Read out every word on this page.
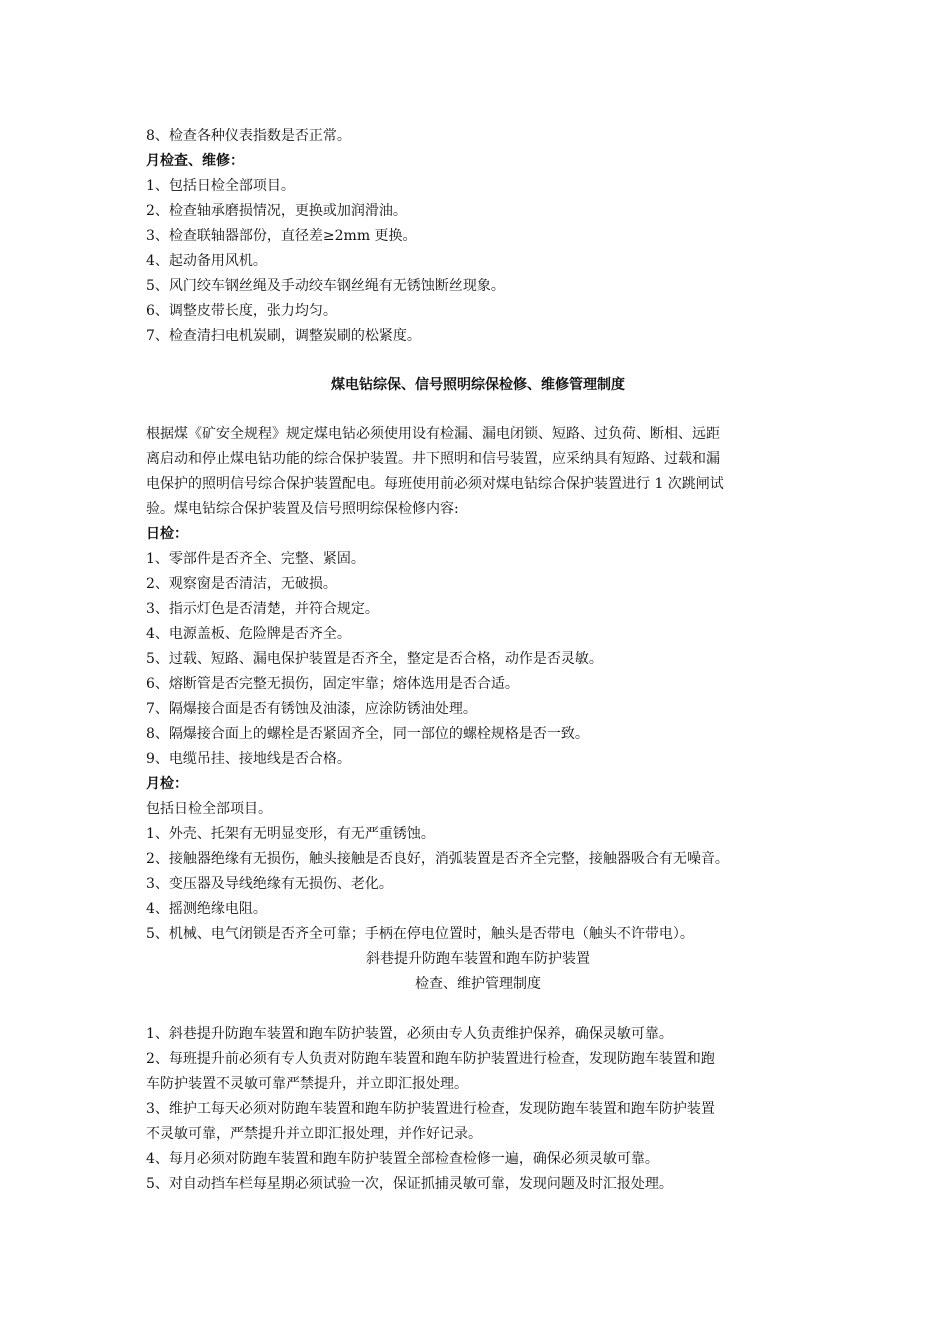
8、检查各种仪表指数是否正常。
月检查、维修：
1、包括日检全部项目。
2、检查轴承磨损情况，更换或加润滑油。
3、检查联轴器部份，直径差≥2mm 更换。
4、起动备用风机。
5、风门绞车钢丝绳及手动绞车钢丝绳有无锈蚀断丝现象。
6、调整皮带长度，张力均匀。
7、检查清扫电机炭刷，调整炭刷的松紧度。
煤电钻综保、信号照明综保检修、维修管理制度
根据煤《矿安全规程》规定煤电钻必须使用设有检漏、漏电闭锁、短路、过负荷、断相、远距
离启动和停止煤电钻功能的综合保护装置。井下照明和信号装置，应采纳具有短路、过载和漏
电保护的照明信号综合保护装置配电。每班使用前必须对煤电钻综合保护装置进行 1 次跳闸试
验。煤电钻综合保护装置及信号照明综保检修内容:
日检：
1、零部件是否齐全、完整、紧固。
2、观察窗是否清洁，无破损。
3、指示灯色是否清楚，并符合规定。
4、电源盖板、危险牌是否齐全。
5、过载、短路、漏电保护装置是否齐全，整定是否合格，动作是否灵敏。
6、熔断管是否完整无损伤，固定牢靠；熔体选用是否合适。
7、隔爆接合面是否有锈蚀及油漆，应涂防锈油处理。
8、隔爆接合面上的螺栓是否紧固齐全，同一部位的螺栓规格是否一致。
9、电缆吊挂、接地线是否合格。
月检：
包括日检全部项目。
1、外壳、托架有无明显变形，有无严重锈蚀。
2、接触器绝缘有无损伤，触头接触是否良好，消弧装置是否齐全完整，接触器吸合有无噪音。
3、变压器及导线绝缘有无损伤、老化。
4、摇测绝缘电阻。
5、机械、电气闭锁是否齐全可靠；手柄在停电位置时，触头是否带电（触头不许带电）。
斜巷提升防跑车装置和跑车防护装置
检查、维护管理制度
1、斜巷提升防跑车装置和跑车防护装置，必须由专人负责维护保养，确保灵敏可靠。
2、每班提升前必须有专人负责对防跑车装置和跑车防护装置进行检查，发现防跑车装置和跑
车防护装置不灵敏可靠严禁提升，并立即汇报处理。
3、维护工每天必须对防跑车装置和跑车防护装置进行检查，发现防跑车装置和跑车防护装置
不灵敏可靠，严禁提升并立即汇报处理，并作好记录。
4、每月必须对防跑车装置和跑车防护装置全部检查检修一遍，确保必须灵敏可靠。
5、对自动挡车栏每星期必须试验一次，保证抓捕灵敏可靠，发现问题及时汇报处理。
